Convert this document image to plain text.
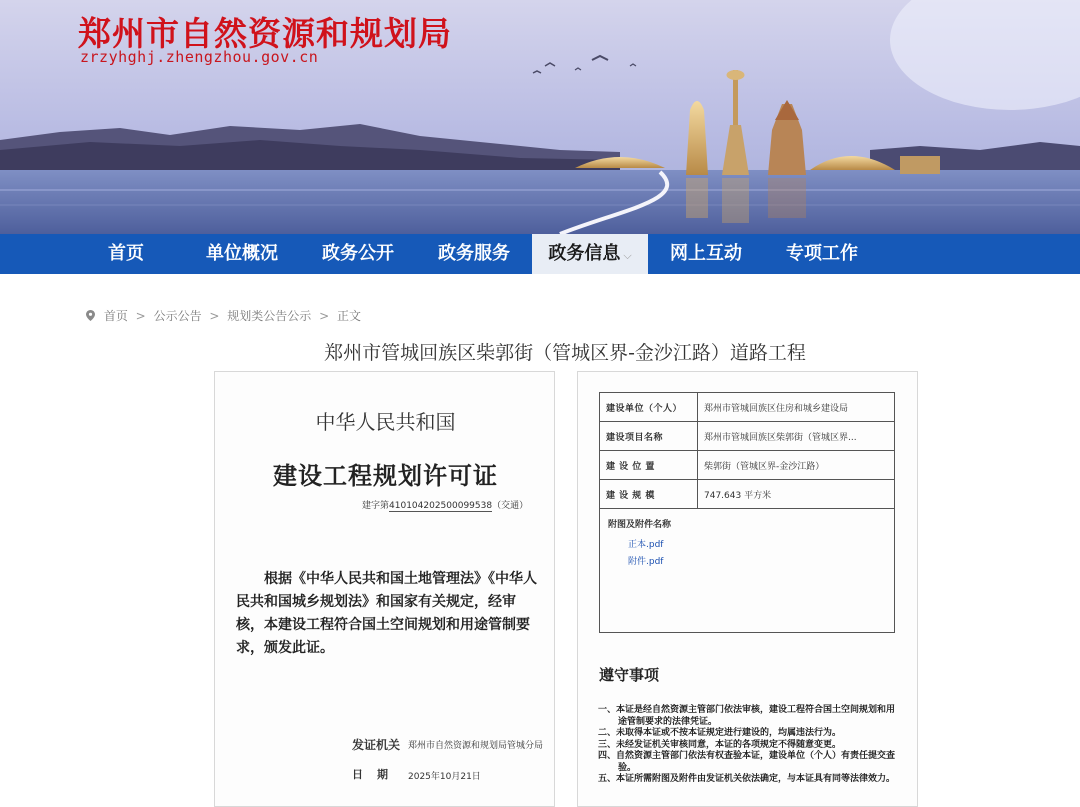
郑州市自然资源和规划局
zrzyhghj.zhengzhou.gov.cn
首页	单位概况	政务公开	政务服务	政务信息 ⌵	网上互动	专项工作
首页 > 公示公告 > 规划类公告公示 > 正文
郑州市管城回族区柴郭街（管城区界-金沙江路）道路工程
中华人民共和国
建设工程规划许可证
建字第410104202500099538（交通）
根据《中华人民共和国土地管理法》《中华人民共和国城乡规划法》和国家有关规定，经审核，本建设工程符合国土空间规划和用途管制要求，颁发此证。
发证机关 郑州市自然资源和规划局管城分局
日期 2025年10月21日
建设单位（个人）	郑州市管城回族区住房和城乡建设局
建设项目名称	郑州市管城回族区柴郭街（管城区界...
建 设 位 置	柴郭街（管城区界-金沙江路）
建 设 规 模	747.643 平方米
附图及附件名称
正本.pdf
附件.pdf
遵守事项
一、本证是经自然资源主管部门依法审核，建设工程符合国土空间规划和用途管制要求的法律凭证。
二、未取得本证或不按本证规定进行建设的，均属违法行为。
三、未经发证机关审核同意，本证的各项规定不得随意变更。
四、自然资源主管部门依法有权查验本证，建设单位（个人）有责任提交查验。
五、本证所需附图及附件由发证机关依法确定，与本证具有同等法律效力。
